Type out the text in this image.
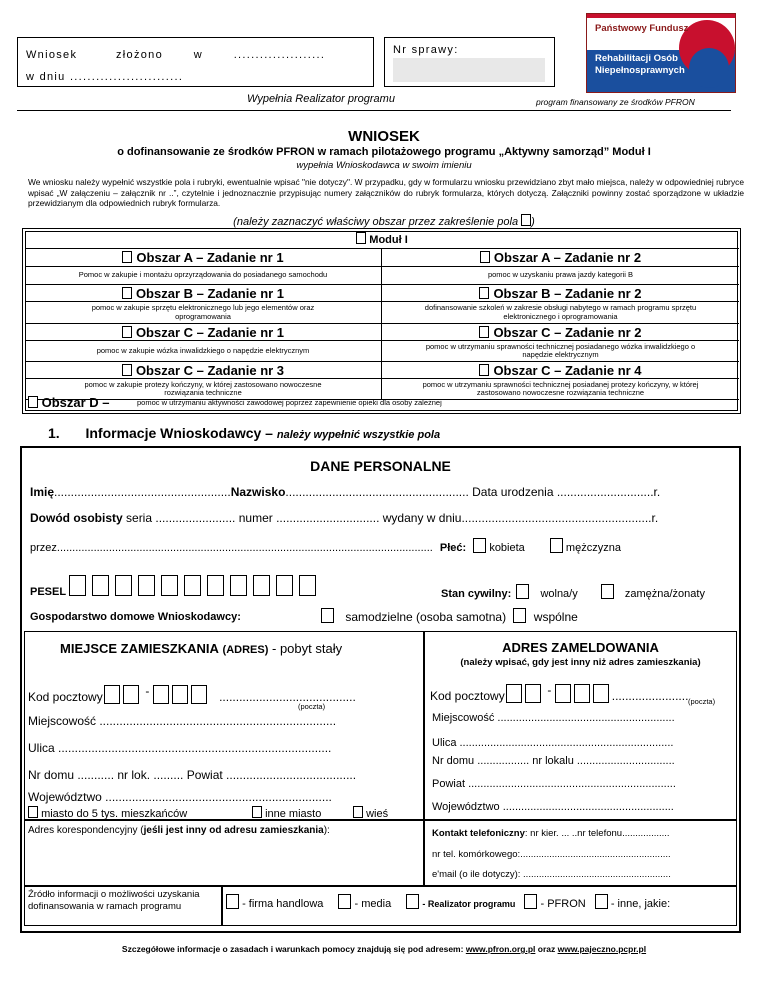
Wniosek	złożono	w	.....................
w dniu ..........................
Nr sprawy:
Państwowy Fundusz
Rehabilitacji Osób
Niepełnosprawnych
Wypełnia Realizator programu	program finansowany ze środków PFRON
WNIOSEK
o dofinansowanie ze środków PFRON w ramach pilotażowego programu „Aktywny samorząd” Moduł I
wypełnia Wnioskodawca w swoim imieniu
We wniosku należy wypełnić wszystkie pola i rubryki, ewentualnie wpisać "nie dotyczy". W przypadku, gdy w formularzu wniosku przewidziano zbyt mało miejsca, należy w odpowiedniej rubryce wpisać „W załączeniu – załącznik nr ..”, czytelnie i jednoznacznie przypisując numery załączników do rubryk formularza, których dotyczą. Załączniki powinny zostać sporządzone w układzie przewidzianym dla odpowiednich rubryk formularza.
(należy zaznaczyć właściwy obszar przez zakreślenie pola )
Moduł I
Obszar A – Zadanie nr 1
Pomoc w zakupie i montażu oprzyrządowania do posiadanego samochodu
Obszar A – Zadanie nr 2
pomoc w uzyskaniu prawa jazdy kategorii B
Obszar B – Zadanie nr 1
pomoc w zakupie sprzętu elektronicznego lub jego elementów oraz oprogramowania
Obszar B – Zadanie nr 2
dofinansowanie szkoleń w zakresie obsługi nabytego w ramach programu sprzętu elektronicznego i oprogramowania
Obszar C – Zadanie nr 1
pomoc w zakupie wózka inwalidzkiego o napędzie elektrycznym
Obszar C – Zadanie nr 2
pomoc w utrzymaniu sprawności technicznej posiadanego wózka inwalidzkiego o napędzie elektrycznym
Obszar C – Zadanie nr 3
pomoc w zakupie protezy kończyny, w której zastosowano nowoczesne rozwiązania techniczne
Obszar C – Zadanie nr 4
pomoc w utrzymaniu sprawności technicznej posiadanej protezy kończyny, w której zastosowano nowoczesne rozwiązania techniczne
Obszar D –	pomoc w utrzymaniu aktywności zawodowej poprzez zapewnienie opieki dla osoby zależnej
1. Informacje Wnioskodawcy – należy wypełnić wszystkie pola
DANE PERSONALNE
Imię.....................................................Nazwisko....................................................... Data urodzenia .............................r.
Dowód osobisty seria ........................ numer ............................... wydany w dniu.........................................................r.
przez........................................................................................................................... Płeć: kobieta	mężczyzna
PESEL	Stan cywilny:	wolna/y	zamężna/żonaty
Gospodarstwo domowe Wnioskodawcy:	samodzielne (osoba samotna) wspólne
MIEJSCE ZAMIESZKANIA (ADRES) - pobyt stały
Kod pocztowy	-	.........................................
(poczta)
Miejscowość .......................................................................
Ulica ..................................................................................
Nr domu ........... nr lok. ......... Powiat .......................................
Województwo ....................................................................
miasto do 5 tys. mieszkańców	inne miasto	wieś
ADRES ZAMELDOWANIA
(należy wpisać, gdy jest inny niż adres zamieszkania)
Kod pocztowy	-	....................... (poczta)
Miejscowość ..........................................................
Ulica ......................................................................
Nr domu ................. nr lokalu ................................
Powiat ....................................................................
Województwo ........................................................
Adres korespondencyjny (jeśli jest inny od adresu zamieszkania):	Kontakt telefoniczny: nr kier. ... ..nr telefonu..................
nr tel. komórkowego:.........................................................
e'mail (o ile dotyczy): ........................................................
Źródło informacji o możliwości uzyskania dofinansowania w ramach programu	- firma handlowa	- media	- Realizator programu - PFRON - inne, jakie:
Szczegółowe informacje o zasadach i warunkach pomocy znajdują się pod adresem: www.pfron.org.pl oraz www.pajeczno.pcpr.pl
